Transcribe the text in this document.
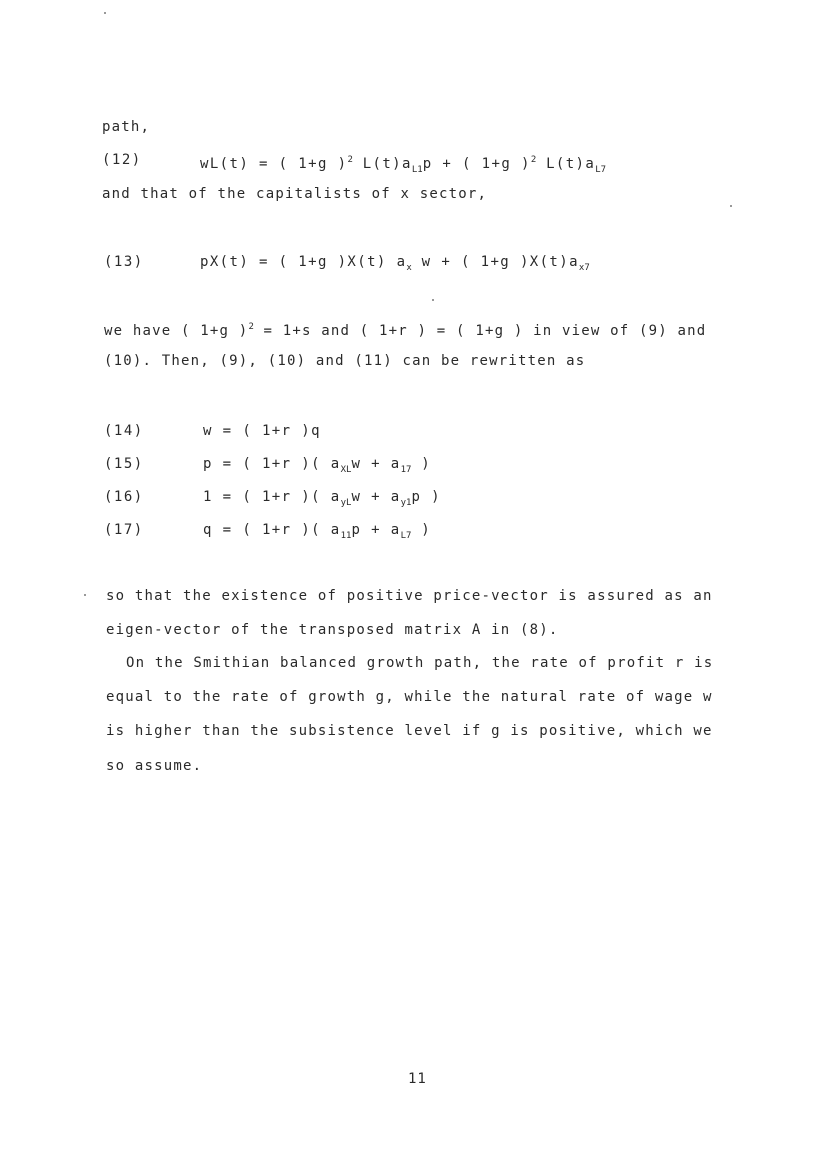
path,
(12)	wL(t) = ( 1+g )$^2$ $L(t)a_{L1}p$ + ( 1+g )$^2$ $L(t)a_{L7}$
and that of the capitalists of x sector,
(13)	pX(t) = ( 1+g )X(t) $a_x$ w + ( 1+g )$X(t)a_{x7}$
we have ( 1+g )$^2$ = 1+s and ( 1+r ) = ( 1+g ) in view of (9) and
(10). Then, (9), (10) and (11) can be rewritten as
(14)	w = ( 1+r )q
(15)	p = ( 1+r )( $a_{XL}w + a_{17}$ )
(16)	1 = ( 1+r )( $a_{yL}w + a_{y1}p$ )
(17)	q = ( 1+r )( $a_{11}p + a_{L7}$ )
so that the existence of positive price-vector is assured as an
eigen-vector of the transposed matrix A in (8).
On the Smithian balanced growth path, the rate of profit r is
equal to the rate of growth g, while the natural rate of wage w
is higher than the subsistence level if g is positive, which we
so assume.
11
